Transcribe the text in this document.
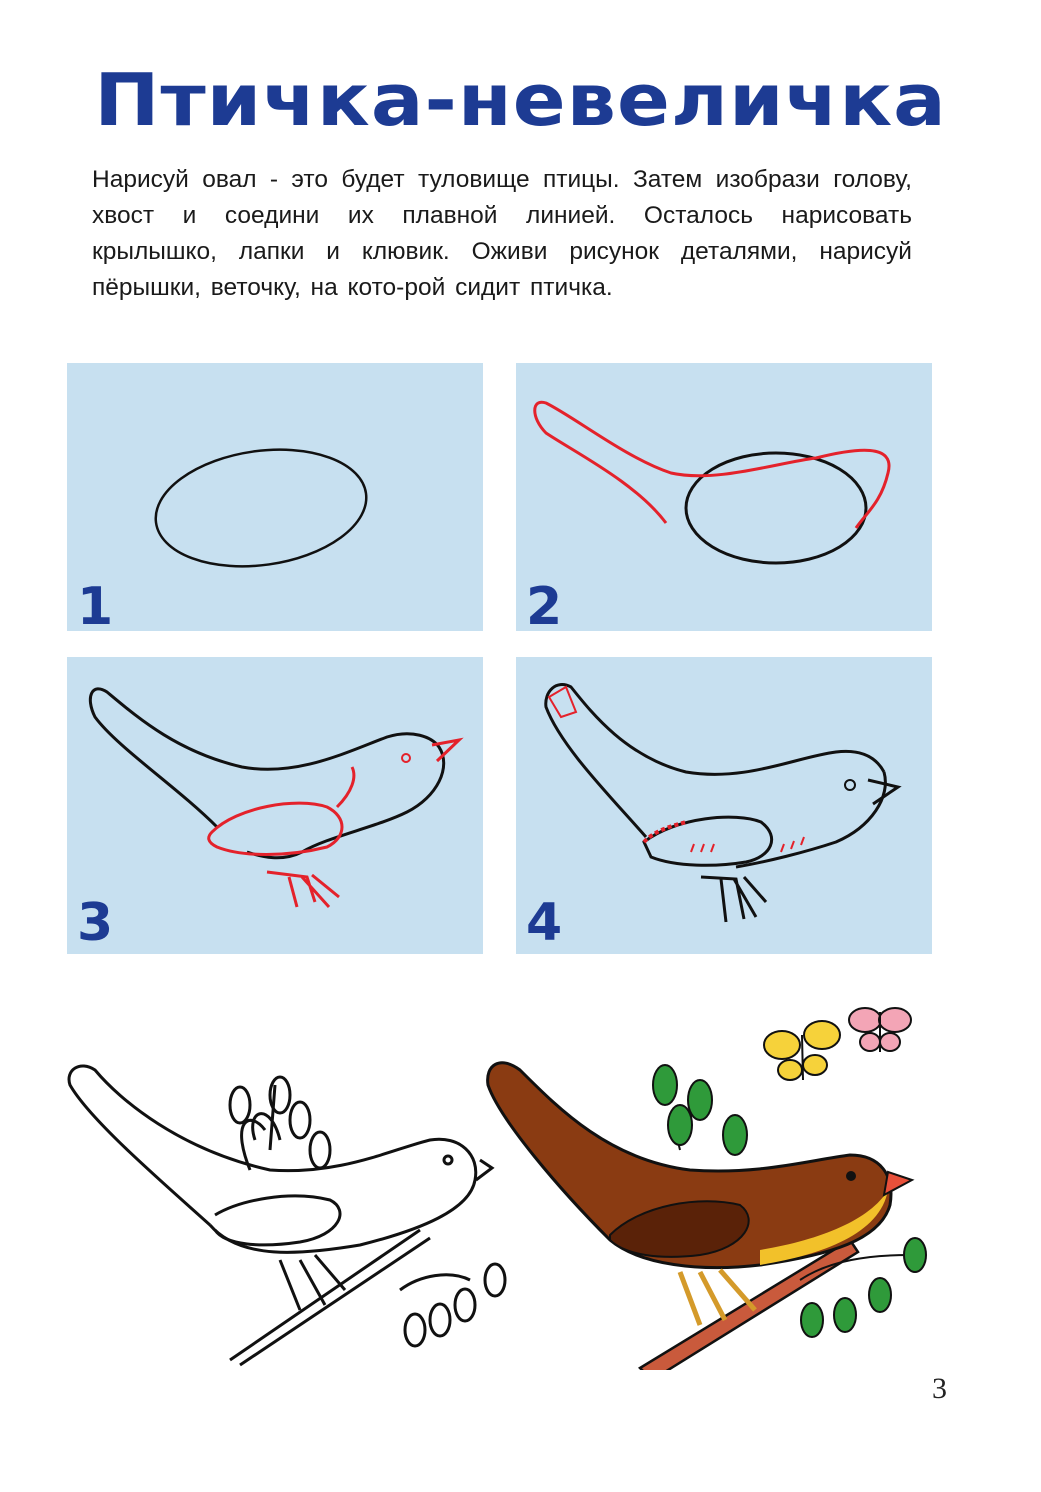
Птичка-невеличка
Нарисуй овал - это будет туловище птицы. Затем изобрази голову, хвост и соедини их плавной линией. Осталось нарисовать крылышко, лапки и клювик. Оживи рисунок деталями, нарисуй пёрышки, веточку, на кото-рой сидит птичка.
1	2
3	4
3
